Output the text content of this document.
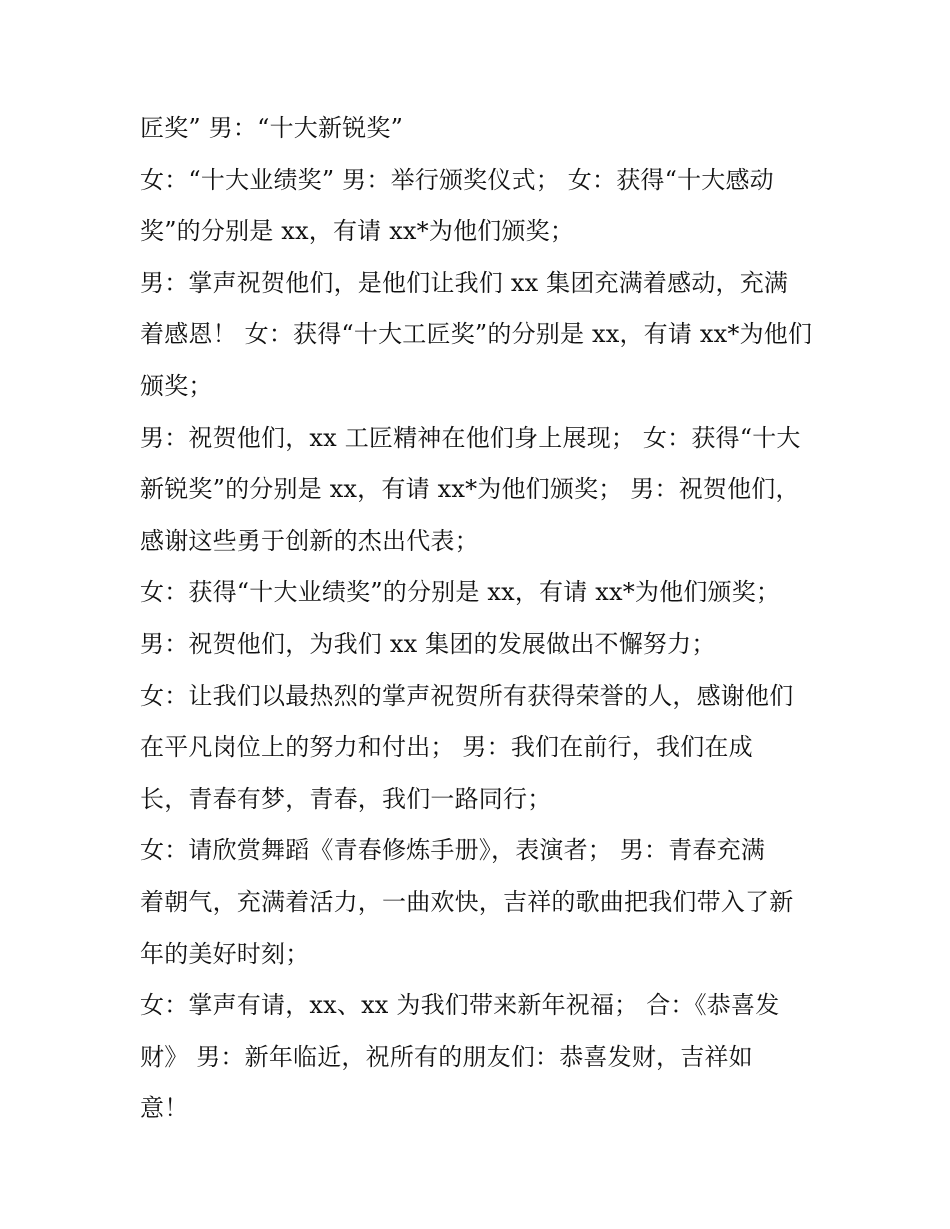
匠奖” 男：“十大新锐奖”
女：“十大业绩奖” 男：举行颁奖仪式； 女：获得“十大感动
奖”的分别是 xx，有请 xx*为他们颁奖；
男：掌声祝贺他们，是他们让我们 xx 集团充满着感动，充满
着感恩！ 女：获得“十大工匠奖”的分别是 xx，有请 xx*为他们
颁奖；
男：祝贺他们，xx 工匠精神在他们身上展现； 女：获得“十大
新锐奖”的分别是 xx，有请 xx*为他们颁奖； 男：祝贺他们，
感谢这些勇于创新的杰出代表；
女：获得“十大业绩奖”的分别是 xx，有请 xx*为他们颁奖；
男：祝贺他们，为我们 xx 集团的发展做出不懈努力；
女：让我们以最热烈的掌声祝贺所有获得荣誉的人，感谢他们
在平凡岗位上的努力和付出； 男：我们在前行，我们在成
长，青春有梦，青春，我们一路同行；
女：请欣赏舞蹈《青春修炼手册》，表演者； 男：青春充满
着朝气，充满着活力，一曲欢快，吉祥的歌曲把我们带入了新
年的美好时刻；
女：掌声有请，xx、xx 为我们带来新年祝福； 合：《恭喜发
财》 男：新年临近，祝所有的朋友们：恭喜发财，吉祥如
意！
